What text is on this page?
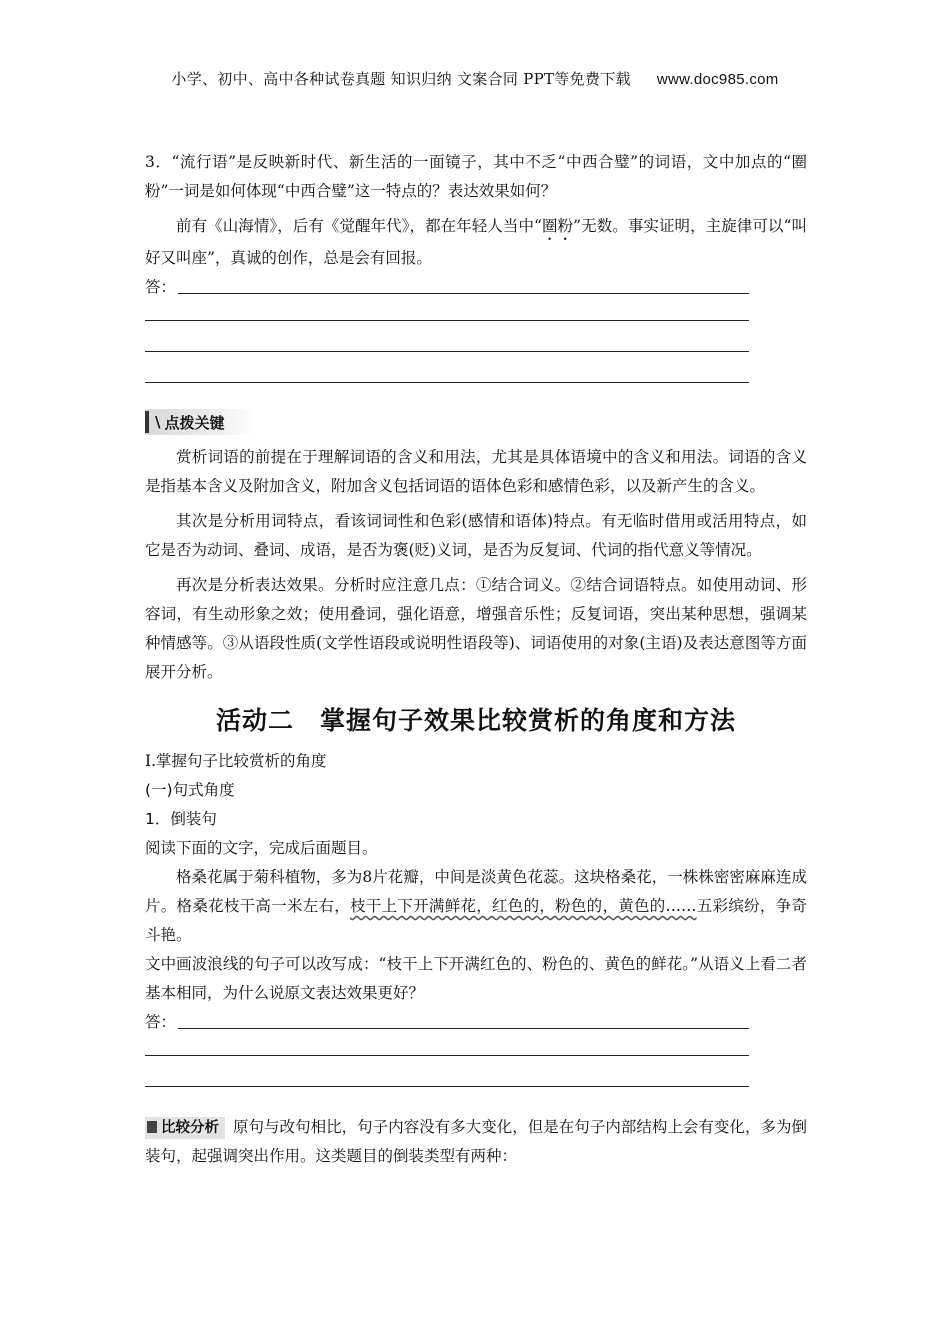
小学、初中、高中各种试卷真题 知识归纳 文案合同 PPT等免费下载 www.doc985.com

3．“流行语”是反映新时代、新生活的一面镜子，其中不乏“中西合璧”的词语，文中加点的“圈粉”一词是如何体现“中西合璧”这一特点的？表达效果如何？

前有《山海情》，后有《觉醒年代》，都在年轻人当中“圈粉”无数。事实证明，主旋律可以“叫好又叫座”，真诚的创作，总是会有回报。

答：
\ 点拨关键

赏析词语的前提在于理解词语的含义和用法，尤其是具体语境中的含义和用法。词语的含义是指基本含义及附加含义，附加含义包括词语的语体色彩和感情色彩，以及新产生的含义。

其次是分析用词特点，看该词词性和色彩(感情和语体)特点。有无临时借用或活用特点，如它是否为动词、叠词、成语，是否为褒(贬)义词，是否为反复词、代词的指代意义等情况。

再次是分析表达效果。分析时应注意几点：①结合词义。②结合词语特点。如使用动词、形容词，有生动形象之效；使用叠词，强化语意，增强音乐性；反复词语，突出某种思想，强调某种情感等。③从语段性质(文学性语段或说明性语段等)、词语使用的对象(主语)及表达意图等方面展开分析。

活动二　掌握句子效果比较赏析的角度和方法

Ⅰ.掌握句子比较赏析的角度

(一)句式角度

1．倒装句

阅读下面的文字，完成后面题目。

格桑花属于菊科植物，多为8片花瓣，中间是淡黄色花蕊。这块格桑花，一株株密密麻麻连成片。格桑花枝干高一米左右，枝干上下开满鲜花，红色的，粉色的，黄色的……五彩缤纷，争奇斗艳。

文中画波浪线的句子可以改写成：“枝干上下开满红色的、粉色的、黄色的鲜花。”从语义上看二者基本相同，为什么说原文表达效果更好？

答：

比较分析 原句与改句相比，句子内容没有多大变化，但是在句子内部结构上会有变化，多为倒装句，起强调突出作用。这类题目的倒装类型有两种：
